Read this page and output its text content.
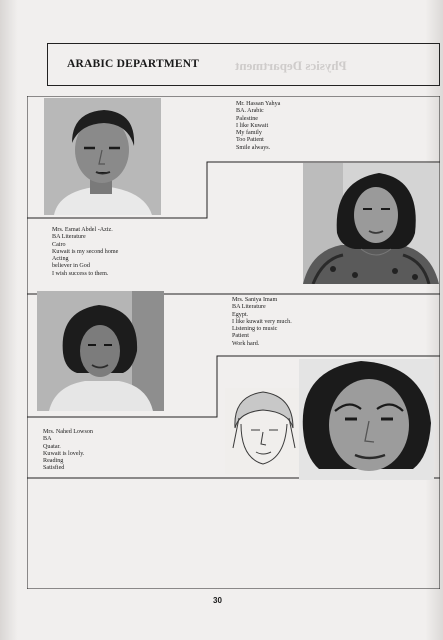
Physics Department
ARABIC DEPARTMENT
Mr. Hassan Yahya
BA. Arabic
Palestine
I like Kuwait
My family
Too Patient
Smile always.
Mrs. Esmat Abdel -Aziz.
BA Literature
Cairo
Kuwait is my second home
Acting
believer in God
I wish success to them.
Mrs. Saniya Imam
BA Literature
Egypt.
I like kuwait very much.
Listening to music
Patient
Work hard.
Mrs. Nahed Lowson
BA
Quatar.
Kuwait is lovely.
Reading
Satisfied
30
